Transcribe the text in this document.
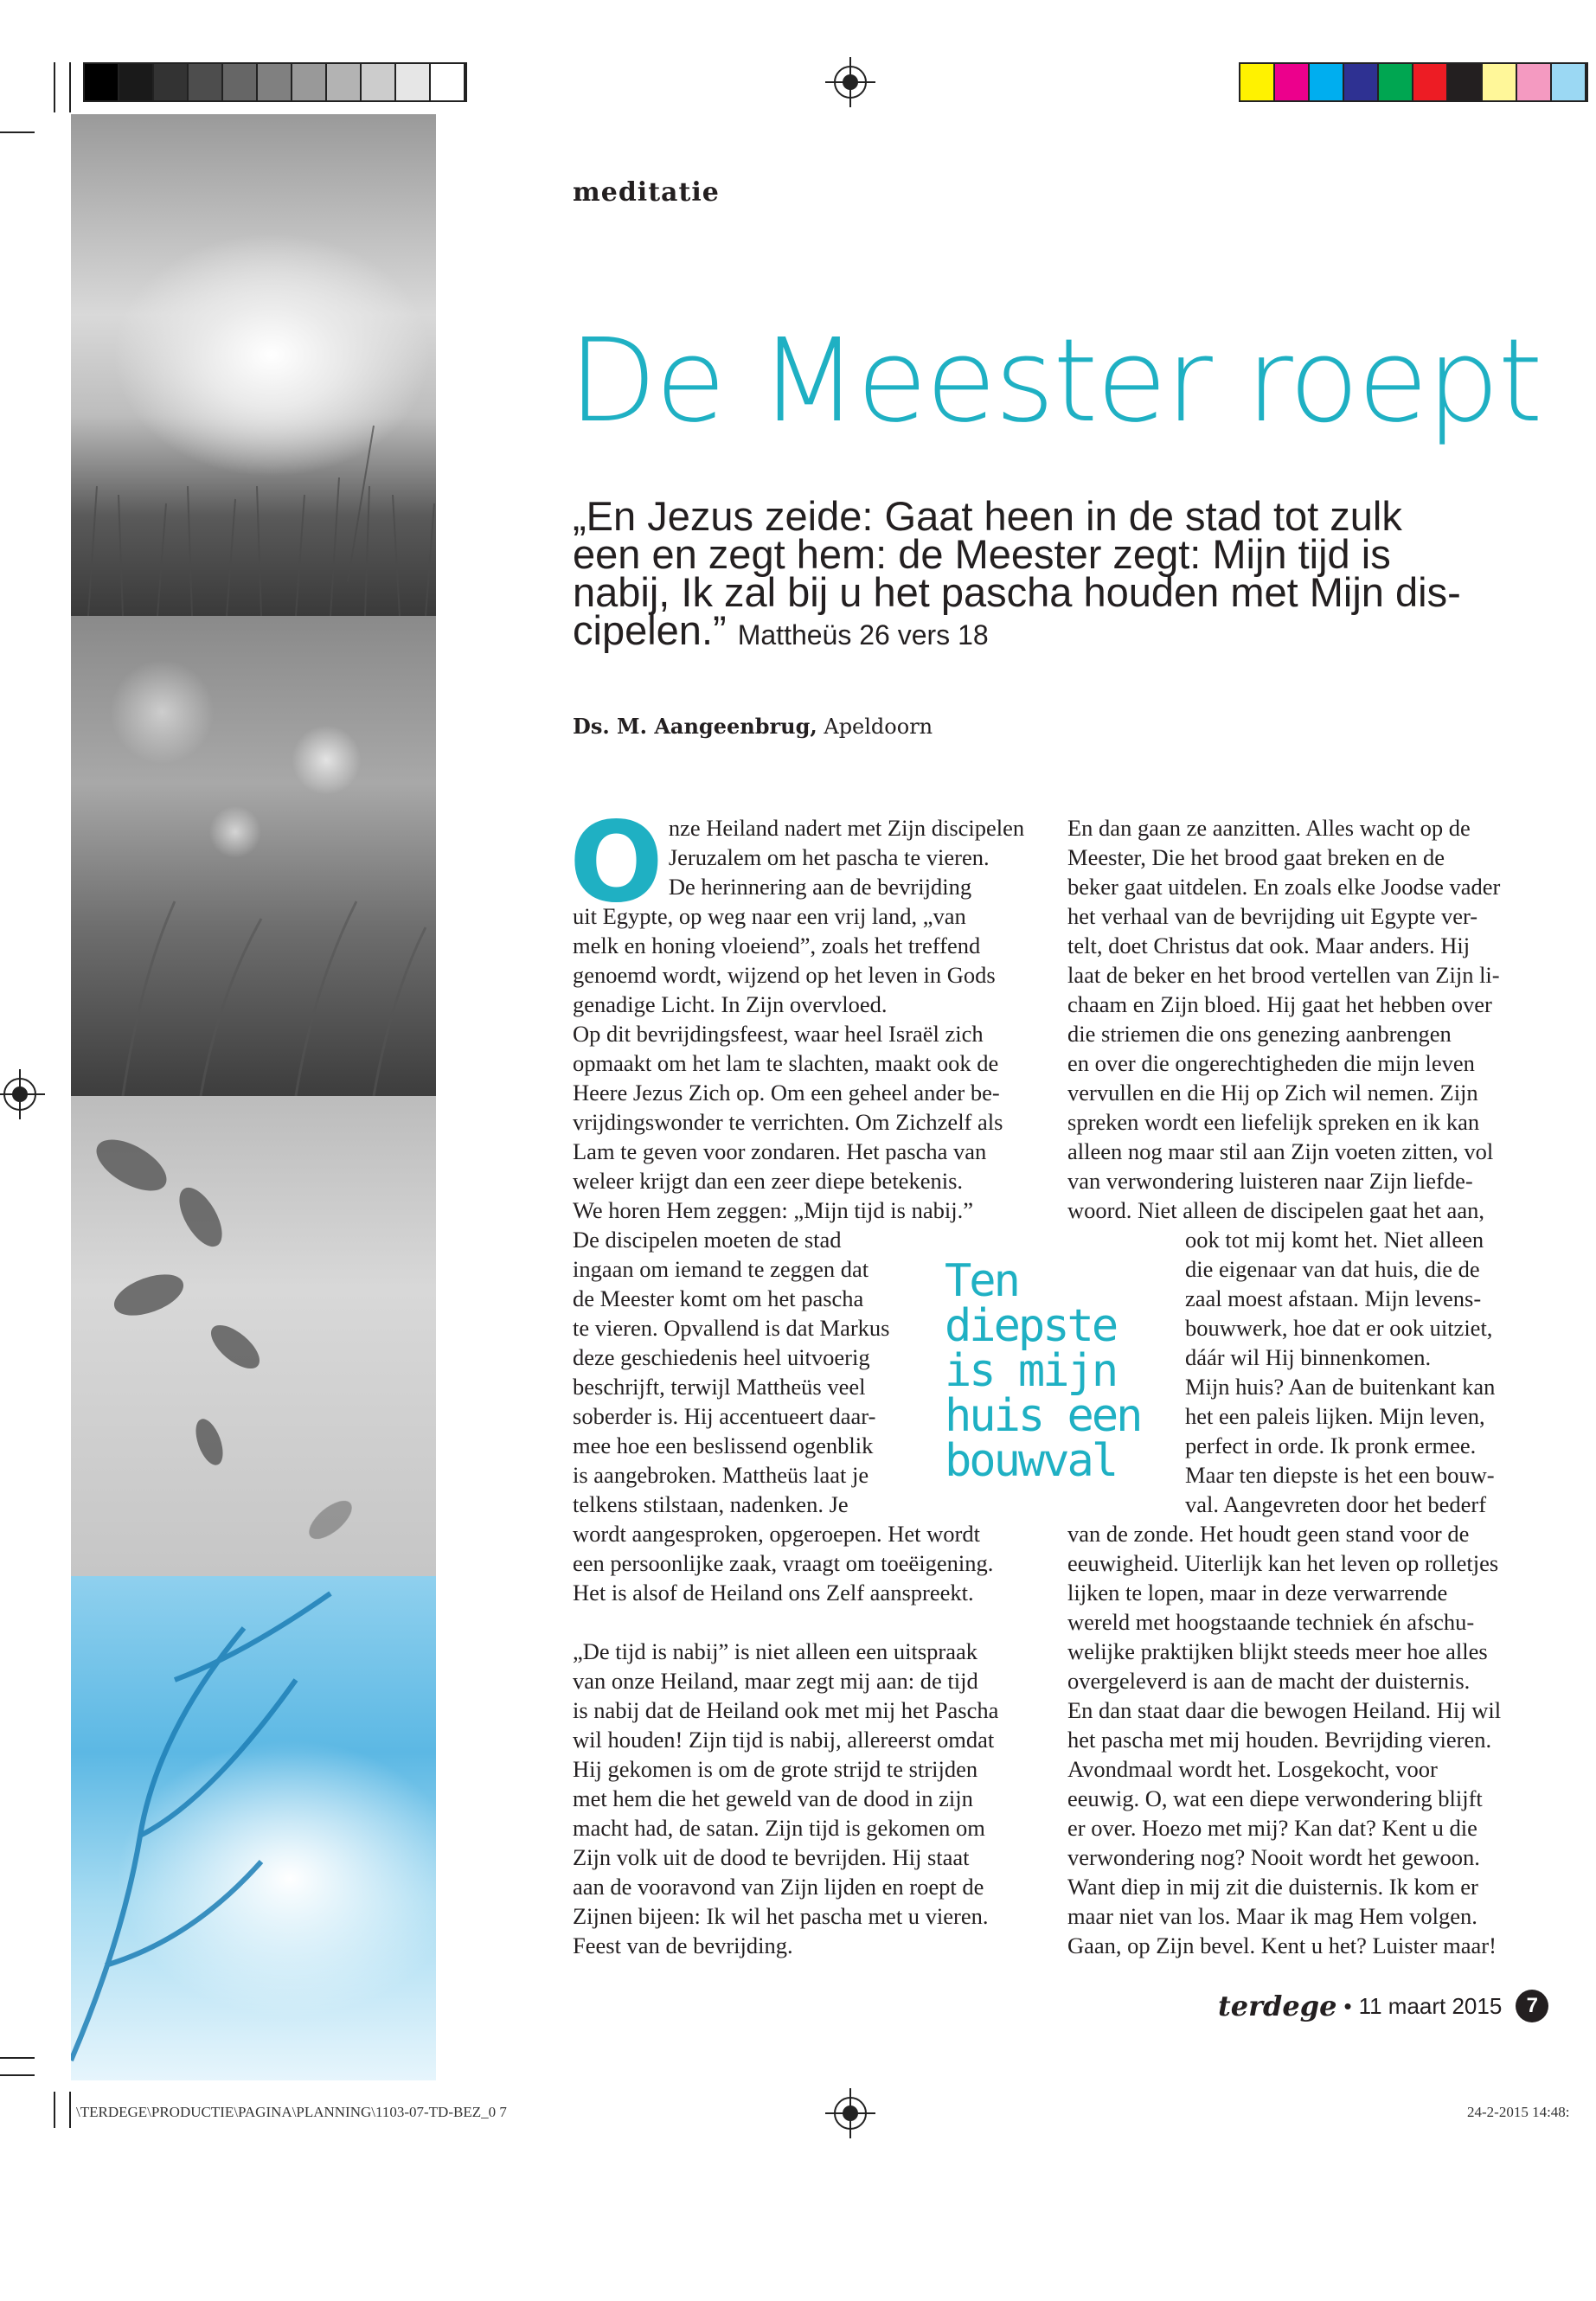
meditatie
De Meester roept
„En Jezus zeide: Gaat heen in de stad tot zulk
een en zegt hem: de Meester zegt: Mijn tijd is
nabij, Ik zal bij u het pascha houden met Mijn dis-
cipelen.” Mattheüs 26 vers 18
Ds. M. Aangeenbrug, Apeldoorn
O nze Heiland nadert met Zijn discipelen
Jeruzalem om het pascha te vieren.
De herinnering aan de bevrijding
uit Egypte, op weg naar een vrij land, „van
melk en honing vloeiend”, zoals het treffend
genoemd wordt, wijzend op het leven in Gods
genadige Licht. In Zijn overvloed.
Op dit bevrijdingsfeest, waar heel Israël zich
opmaakt om het lam te slachten, maakt ook de
Heere Jezus Zich op. Om een geheel ander be-
vrijdingswonder te verrichten. Om Zichzelf als
Lam te geven voor zondaren. Het pascha van
weleer krijgt dan een zeer diepe betekenis.
We horen Hem zeggen: „Mijn tijd is nabij.”
De discipelen moeten de stad
ingaan om iemand te zeggen dat
de Meester komt om het pascha
te vieren. Opvallend is dat Markus
deze geschiedenis heel uitvoerig
beschrijft, terwijl Mattheüs veel
soberder is. Hij accentueert daar-
mee hoe een beslissend ogenblik
is aangebroken. Mattheüs laat je
telkens stilstaan, nadenken. Je
wordt aangesproken, opgeroepen. Het wordt
een persoonlijke zaak, vraagt om toeëigening.
Het is alsof de Heiland ons Zelf aanspreekt.
„De tijd is nabij” is niet alleen een uitspraak
van onze Heiland, maar zegt mij aan: de tijd
is nabij dat de Heiland ook met mij het Pascha
wil houden! Zijn tijd is nabij, allereerst omdat
Hij gekomen is om de grote strijd te strijden
met hem die het geweld van de dood in zijn
macht had, de satan. Zijn tijd is gekomen om
Zijn volk uit de dood te bevrijden. Hij staat
aan de vooravond van Zijn lijden en roept de
Zijnen bijeen: Ik wil het pascha met u vieren.
Feest van de bevrijding.
Ten
diepste
is mijn
huis een
bouwval
En dan gaan ze aanzitten. Alles wacht op de
Meester, Die het brood gaat breken en de
beker gaat uitdelen. En zoals elke Joodse vader
het verhaal van de bevrijding uit Egypte ver-
telt, doet Christus dat ook. Maar anders. Hij
laat de beker en het brood vertellen van Zijn li-
chaam en Zijn bloed. Hij gaat het hebben over
die striemen die ons genezing aanbrengen
en over die ongerechtigheden die mijn leven
vervullen en die Hij op Zich wil nemen. Zijn
spreken wordt een liefelijk spreken en ik kan
alleen nog maar stil aan Zijn voeten zitten, vol
van verwondering luisteren naar Zijn liefde-
woord. Niet alleen de discipelen gaat het aan,
ook tot mij komt het. Niet alleen
die eigenaar van dat huis, die de
zaal moest afstaan. Mijn levens-
bouwwerk, hoe dat er ook uitziet,
dáár wil Hij binnenkomen.
Mijn huis? Aan de buitenkant kan
het een paleis lijken. Mijn leven,
perfect in orde. Ik pronk ermee.
Maar ten diepste is het een bouw-
val. Aangevreten door het bederf
van de zonde. Het houdt geen stand voor de
eeuwigheid. Uiterlijk kan het leven op rolletjes
lijken te lopen, maar in deze verwarrende
wereld met hoogstaande techniek én afschu-
welijke praktijken blijkt steeds meer hoe alles
overgeleverd is aan de macht der duisternis.
En dan staat daar die bewogen Heiland. Hij wil
het pascha met mij houden. Bevrijding vieren.
Avondmaal wordt het. Losgekocht, voor
eeuwig. O, wat een diepe verwondering blijft
er over. Hoezo met mij? Kan dat? Kent u die
verwondering nog? Nooit wordt het gewoon.
Want diep in mij zit die duisternis. Ik kom er
maar niet van los. Maar ik mag Hem volgen.
Gaan, op Zijn bevel. Kent u het? Luister maar!
terdege • 11 maart 2015	7
\TERDEGE\PRODUCTIE\PAGINA\PLANNING\1103-07-TD-BEZ_0 7	24-2-2015 14:48:
